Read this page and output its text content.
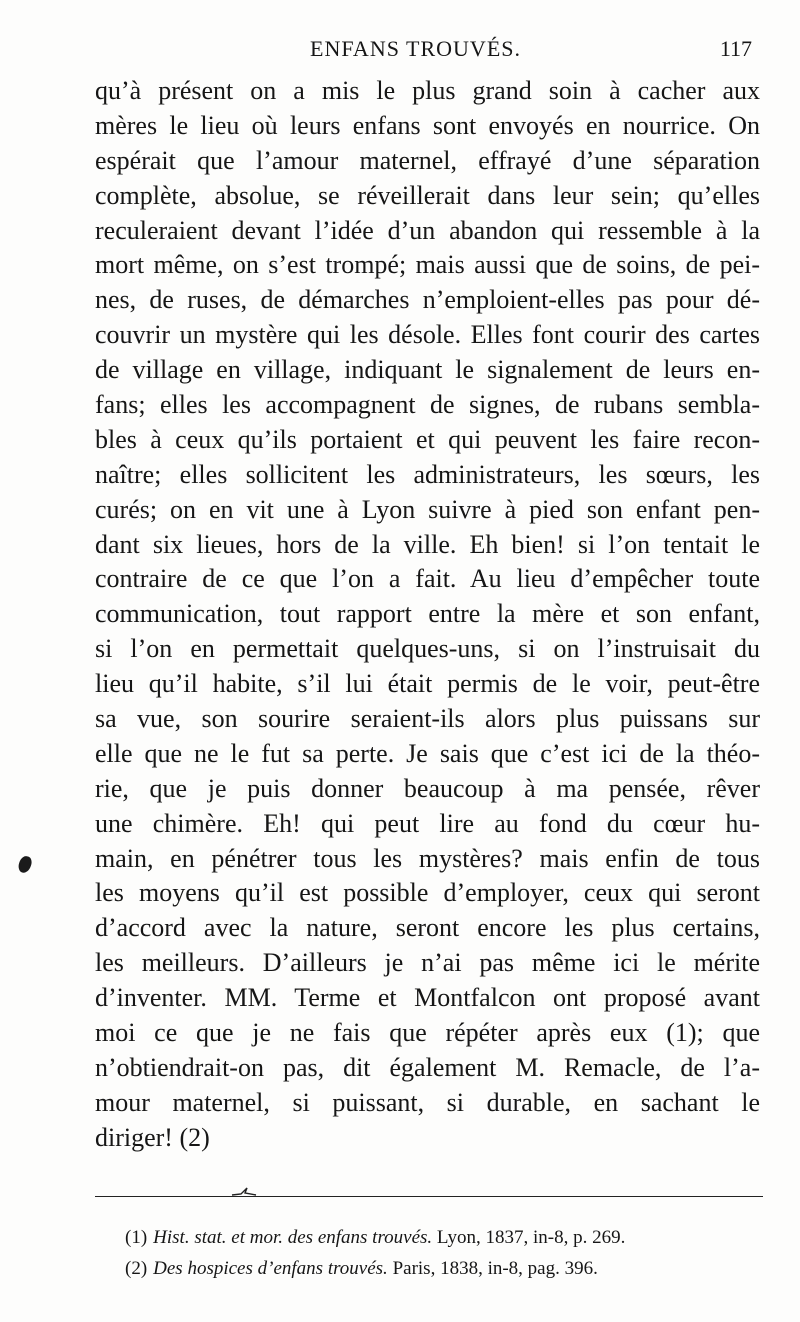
ENFANS TROUVÉS.	117
qu’à présent on a mis le plus grand soin à cacher aux
mères le lieu où leurs enfans sont envoyés en nourrice. On
espérait que l’amour maternel, effrayé d’une séparation
complète, absolue, se réveillerait dans leur sein; qu’elles
reculeraient devant l’idée d’un abandon qui ressemble à la
mort même, on s’est trompé; mais aussi que de soins, de pei-
nes, de ruses, de démarches n’emploient-elles pas pour dé-
couvrir un mystère qui les désole. Elles font courir des cartes
de village en village, indiquant le signalement de leurs en-
fans; elles les accompagnent de signes, de rubans sembla-
bles à ceux qu’ils portaient et qui peuvent les faire recon-
naître; elles sollicitent les administrateurs, les sœurs, les
curés; on en vit une à Lyon suivre à pied son enfant pen-
dant six lieues, hors de la ville. Eh bien! si l’on tentait le
contraire de ce que l’on a fait. Au lieu d’empêcher toute
communication, tout rapport entre la mère et son enfant,
si l’on en permettait quelques-uns, si on l’instruisait du
lieu qu’il habite, s’il lui était permis de le voir, peut-être
sa vue, son sourire seraient-ils alors plus puissans sur
elle que ne le fut sa perte. Je sais que c’est ici de la théo-
rie, que je puis donner beaucoup à ma pensée, rêver
une chimère. Eh! qui peut lire au fond du cœur hu-
main, en pénétrer tous les mystères? mais enfin de tous
les moyens qu’il est possible d’employer, ceux qui seront
d’accord avec la nature, seront encore les plus certains,
les meilleurs. D’ailleurs je n’ai pas même ici le mérite
d’inventer. MM. Terme et Montfalcon ont proposé avant
moi ce que je ne fais que répéter après eux (1); que
n’obtiendrait-on pas, dit également M. Remacle, de l’a-
mour maternel, si puissant, si durable, en sachant le
diriger! (2)
(1) Hist. stat. et mor. des enfans trouvés. Lyon, 1837, in-8, p. 269.
(2) Des hospices d’enfans trouvés. Paris, 1838, in-8, pag. 396.
